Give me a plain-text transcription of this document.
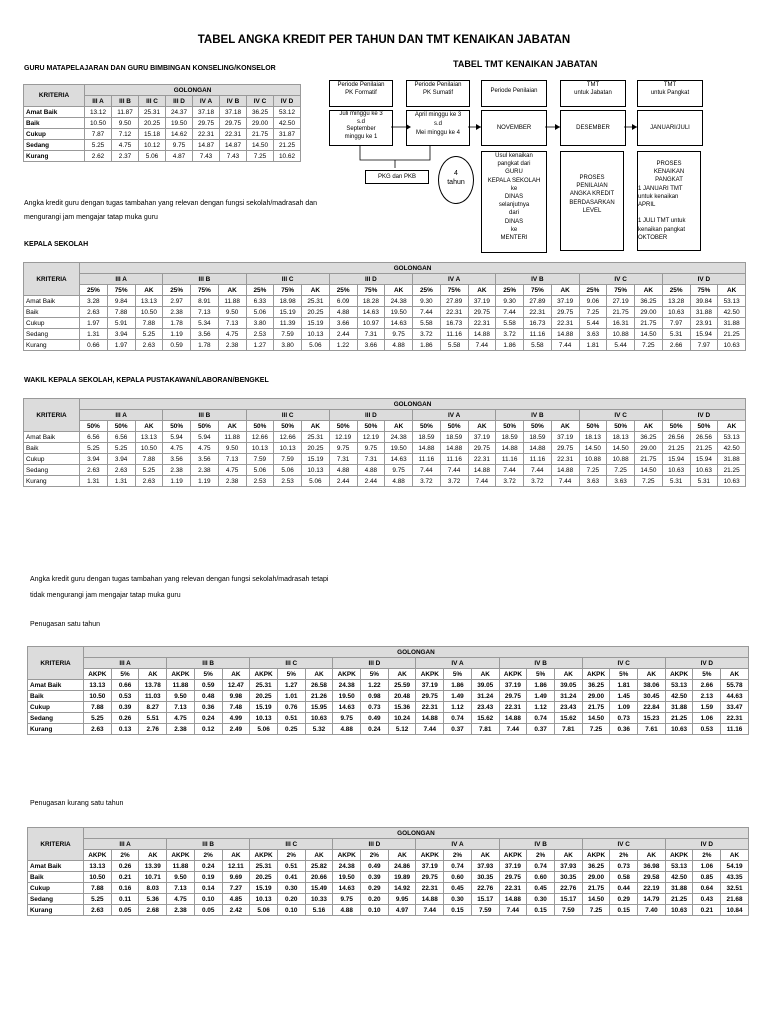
TABEL ANGKA KREDIT PER TAHUN DAN TMT KENAIKAN JABATAN
GURU MATAPELAJARAN DAN GURU BIMBINGAN KONSELING/KONSELOR
KRITERIA	GOLONGAN							
	III A	III B	III C	III D	IV A	IV B	IV C	IV D
Amat Baik	13.12	11.87	25.31	24.37	37.18	37.18	36.25	53.12
Baik	10.50	9.50	20.25	19.50	29.75	29.75	29.00	42.50
Cukup	7.87	7.12	15.18	14.62	22.31	22.31	21.75	31.87
Sedang	5.25	4.75	10.12	9.75	14.87	14.87	14.50	21.25
Kurang	2.62	2.37	5.06	4.87	7.43	7.43	7.25	10.62
TABEL TMT KENAIKAN JABATAN
Periode Penilaian
PK Formatif
Periode Penilaian
PK Sumatif	Periode Penilaian
TMT
untuk Jabatan
TMT
untuk Pangkat
Juli minggu ke 3
s.d
September
minggu ke 1
April minggu ke 3
s.d
Mei minggu ke 4
NOVEMBER	DESEMBER	JANUARI/JULI
PKG dan PKB	4
tahun
Usul kenaikan
pangkat dari
GURU
KEPALA SEKOLAH
ke
DINAS
selanjutnya
dari
DINAS
ke
MENTERI
PROSES
PENILAIAN
ANGKA KREDIT
BERDASARKAN
LEVEL
PROSES
KENAIKAN
PANGKAT
1 JANUARI TMT
untuk kenaikan
APRIL

1 JULI TMT untuk
kenaikan pangkat
OKTOBER
Angka kredit guru dengan tugas tambahan yang relevan dengan fungsi sekolah/madrasah dan
mengurangi jam mengajar tatap muka guru
KEPALA SEKOLAH
KRITERIA	GOLONGAN																							
	III A			III B			III C			III D			IV A			IV B			IV C			IV D		
	25%	75%	AK	25%	75%	AK	25%	75%	AK	25%	75%	AK	25%	75%	AK	25%	75%	AK	25%	75%	AK	25%	75%	AK
Amat Baik	3.28	9.84	13.13	2.97	8.91	11.88	6.33	18.98	25.31	6.09	18.28	24.38	9.30	27.89	37.19	9.30	27.89	37.19	9.06	27.19	36.25	13.28	39.84	53.13
Baik	2.63	7.88	10.50	2.38	7.13	9.50	5.06	15.19	20.25	4.88	14.63	19.50	7.44	22.31	29.75	7.44	22.31	29.75	7.25	21.75	29.00	10.63	31.88	42.50
Cukup	1.97	5.91	7.88	1.78	5.34	7.13	3.80	11.39	15.19	3.66	10.97	14.63	5.58	16.73	22.31	5.58	16.73	22.31	5.44	16.31	21.75	7.97	23.91	31.88
Sedang	1.31	3.94	5.25	1.19	3.56	4.75	2.53	7.59	10.13	2.44	7.31	9.75	3.72	11.16	14.88	3.72	11.16	14.88	3.63	10.88	14.50	5.31	15.94	21.25
Kurang	0.66	1.97	2.63	0.59	1.78	2.38	1.27	3.80	5.06	1.22	3.66	4.88	1.86	5.58	7.44	1.86	5.58	7.44	1.81	5.44	7.25	2.66	7.97	10.63
WAKIL KEPALA SEKOLAH, KEPALA PUSTAKAWAN/LABORAN/BENGKEL
KRITERIA	GOLONGAN																							
	III A			III B			III C			III D			IV A			IV B			IV C			IV D		
	50%	50%	AK	50%	50%	AK	50%	50%	AK	50%	50%	AK	50%	50%	AK	50%	50%	AK	50%	50%	AK	50%	50%	AK
Amat Baik	6.56	6.56	13.13	5.94	5.94	11.88	12.66	12.66	25.31	12.19	12.19	24.38	18.59	18.59	37.19	18.59	18.59	37.19	18.13	18.13	36.25	26.56	26.56	53.13
Baik	5.25	5.25	10.50	4.75	4.75	9.50	10.13	10.13	20.25	9.75	9.75	19.50	14.88	14.88	29.75	14.88	14.88	29.75	14.50	14.50	29.00	21.25	21.25	42.50
Cukup	3.94	3.94	7.88	3.56	3.56	7.13	7.59	7.59	15.19	7.31	7.31	14.63	11.16	11.16	22.31	11.16	11.16	22.31	10.88	10.88	21.75	15.94	15.94	31.88
Sedang	2.63	2.63	5.25	2.38	2.38	4.75	5.06	5.06	10.13	4.88	4.88	9.75	7.44	7.44	14.88	7.44	7.44	14.88	7.25	7.25	14.50	10.63	10.63	21.25
Kurang	1.31	1.31	2.63	1.19	1.19	2.38	2.53	2.53	5.06	2.44	2.44	4.88	3.72	3.72	7.44	3.72	3.72	7.44	3.63	3.63	7.25	5.31	5.31	10.63
Angka kredit guru dengan tugas tambahan yang relevan dengan fungsi sekolah/madrasah tetapi
tidak mengurangi jam mengajar tatap muka guru
Penugasan satu tahun
KRITERIA	GOLONGAN																							
	III A			III B			III C			III D			IV A			IV B			IV C			IV D		
	AKPK	5%	AK	AKPK	5%	AK	AKPK	5%	AK	AKPK	5%	AK	AKPK	5%	AK	AKPK	5%	AK	AKPK	5%	AK	AKPK	5%	AK
Amat Baik	13.13	0.66	13.78	11.88	0.59	12.47	25.31	1.27	26.58	24.38	1.22	25.59	37.19	1.86	39.05	37.19	1.86	39.05	36.25	1.81	38.06	53.13	2.66	55.78
Baik	10.50	0.53	11.03	9.50	0.48	9.98	20.25	1.01	21.26	19.50	0.98	20.48	29.75	1.49	31.24	29.75	1.49	31.24	29.00	1.45	30.45	42.50	2.13	44.63
Cukup	7.88	0.39	8.27	7.13	0.36	7.48	15.19	0.76	15.95	14.63	0.73	15.36	22.31	1.12	23.43	22.31	1.12	23.43	21.75	1.09	22.84	31.88	1.59	33.47
Sedang	5.25	0.26	5.51	4.75	0.24	4.99	10.13	0.51	10.63	9.75	0.49	10.24	14.88	0.74	15.62	14.88	0.74	15.62	14.50	0.73	15.23	21.25	1.06	22.31
Kurang	2.63	0.13	2.76	2.38	0.12	2.49	5.06	0.25	5.32	4.88	0.24	5.12	7.44	0.37	7.81	7.44	0.37	7.81	7.25	0.36	7.61	10.63	0.53	11.16
Penugasan kurang satu tahun
KRITERIA	GOLONGAN																							
	III A			III B			III C			III D			IV A			IV B			IV C			IV D		
	AKPK	2%	AK	AKPK	2%	AK	AKPK	2%	AK	AKPK	2%	AK	AKPK	2%	AK	AKPK	2%	AK	AKPK	2%	AK	AKPK	2%	AK
Amat Baik	13.13	0.26	13.39	11.88	0.24	12.11	25.31	0.51	25.82	24.38	0.49	24.86	37.19	0.74	37.93	37.19	0.74	37.93	36.25	0.73	36.98	53.13	1.06	54.19
Baik	10.50	0.21	10.71	9.50	0.19	9.69	20.25	0.41	20.66	19.50	0.39	19.89	29.75	0.60	30.35	29.75	0.60	30.35	29.00	0.58	29.58	42.50	0.85	43.35
Cukup	7.88	0.16	8.03	7.13	0.14	7.27	15.19	0.30	15.49	14.63	0.29	14.92	22.31	0.45	22.76	22.31	0.45	22.76	21.75	0.44	22.19	31.88	0.64	32.51
Sedang	5.25	0.11	5.36	4.75	0.10	4.85	10.13	0.20	10.33	9.75	0.20	9.95	14.88	0.30	15.17	14.88	0.30	15.17	14.50	0.29	14.79	21.25	0.43	21.68
Kurang	2.63	0.05	2.68	2.38	0.05	2.42	5.06	0.10	5.16	4.88	0.10	4.97	7.44	0.15	7.59	7.44	0.15	7.59	7.25	0.15	7.40	10.63	0.21	10.84
